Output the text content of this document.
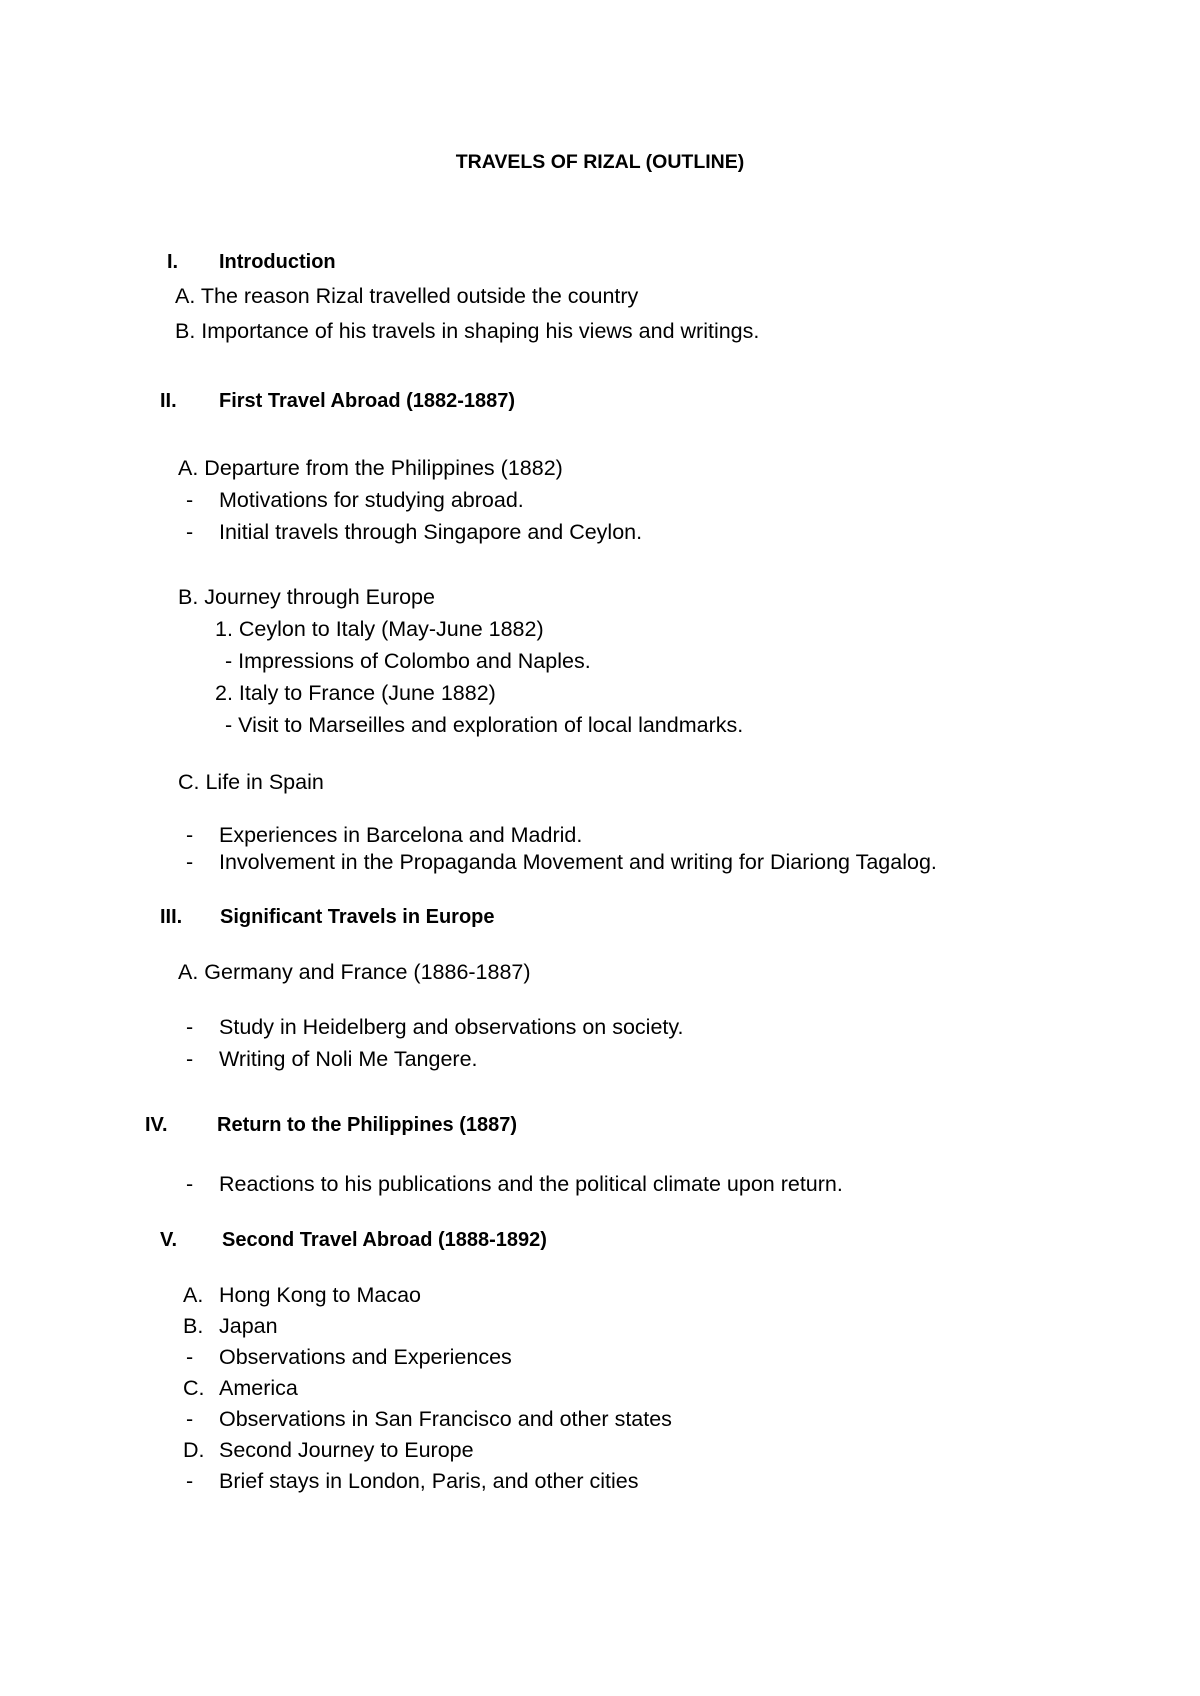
TRAVELS OF RIZAL (OUTLINE)
I. Introduction
A. The reason Rizal travelled outside the country
B. Importance of his travels in shaping his views and writings.
II. First Travel Abroad (1882-1887)
A. Departure from the Philippines (1882)
- Motivations for studying abroad.
- Initial travels through Singapore and Ceylon.
B. Journey through Europe
1. Ceylon to Italy (May-June 1882)
- Impressions of Colombo and Naples.
2. Italy to France (June 1882)
- Visit to Marseilles and exploration of local landmarks.
C. Life in Spain
- Experiences in Barcelona and Madrid.
- Involvement in the Propaganda Movement and writing for Diariong Tagalog.
III. Significant Travels in Europe
A. Germany and France (1886-1887)
- Study in Heidelberg and observations on society.
- Writing of Noli Me Tangere.
IV. Return to the Philippines (1887)
- Reactions to his publications and the political climate upon return.
V. Second Travel Abroad (1888-1892)
A. Hong Kong to Macao
B. Japan
- Observations and Experiences
C. America
- Observations in San Francisco and other states
D. Second Journey to Europe
- Brief stays in London, Paris, and other cities
